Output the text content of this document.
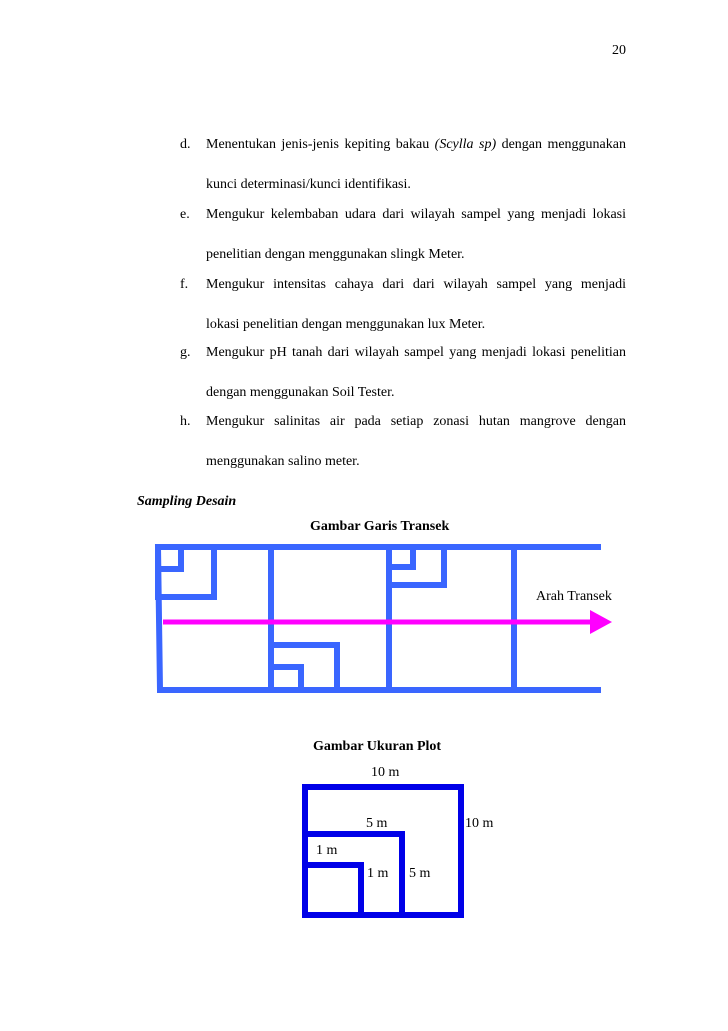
20
d. Menentukan jenis-jenis kepiting bakau (Scylla sp) dengan menggunakan
kunci determinasi/kunci identifikasi.
e. Mengukur kelembaban udara dari wilayah sampel yang menjadi lokasi
penelitian dengan menggunakan slingk Meter.
f. Mengukur intensitas cahaya dari dari wilayah sampel yang menjadi
lokasi penelitian dengan menggunakan lux Meter.
g. Mengukur pH tanah dari wilayah sampel yang menjadi lokasi penelitian
dengan menggunakan Soil Tester.
h. Mengukur salinitas air pada setiap zonasi hutan mangrove dengan
menggunakan salino meter.
Sampling Desain
Gambar Garis Transek
Arah Transek
Gambar Ukuran Plot
10 m
10 m
5 m
5 m
1 m
1 m
